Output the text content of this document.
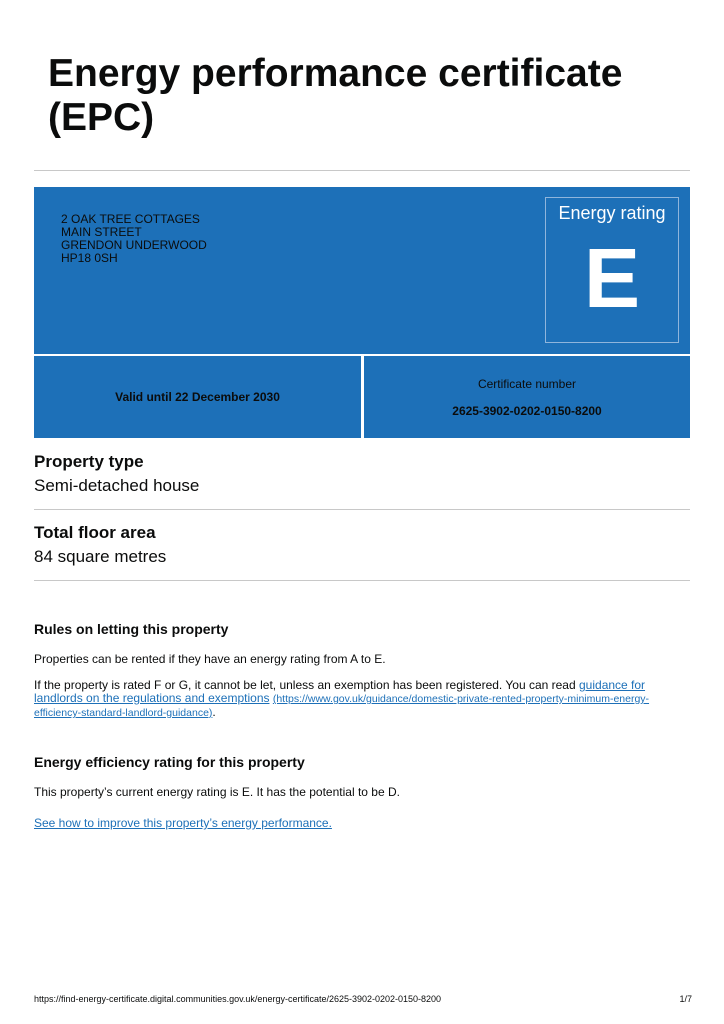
Energy performance certificate (EPC)
2 OAK TREE COTTAGES
MAIN STREET
GRENDON UNDERWOOD
HP18 0SH
Energy rating
E
Valid until 22 December 2030
Certificate number
2625-3902-0202-0150-8200
Property type
Semi-detached house
Total floor area
84 square metres
Rules on letting this property
Properties can be rented if they have an energy rating from A to E.
If the property is rated F or G, it cannot be let, unless an exemption has been registered. You can read guidance for landlords on the regulations and exemptions (https://www.gov.uk/guidance/domestic-private-rented-property-minimum-energy-efficiency-standard-landlord-guidance).
Energy efficiency rating for this property
This property’s current energy rating is E. It has the potential to be D.
See how to improve this property’s energy performance.
https://find-energy-certificate.digital.communities.gov.uk/energy-certificate/2625-3902-0202-0150-8200	1/7
